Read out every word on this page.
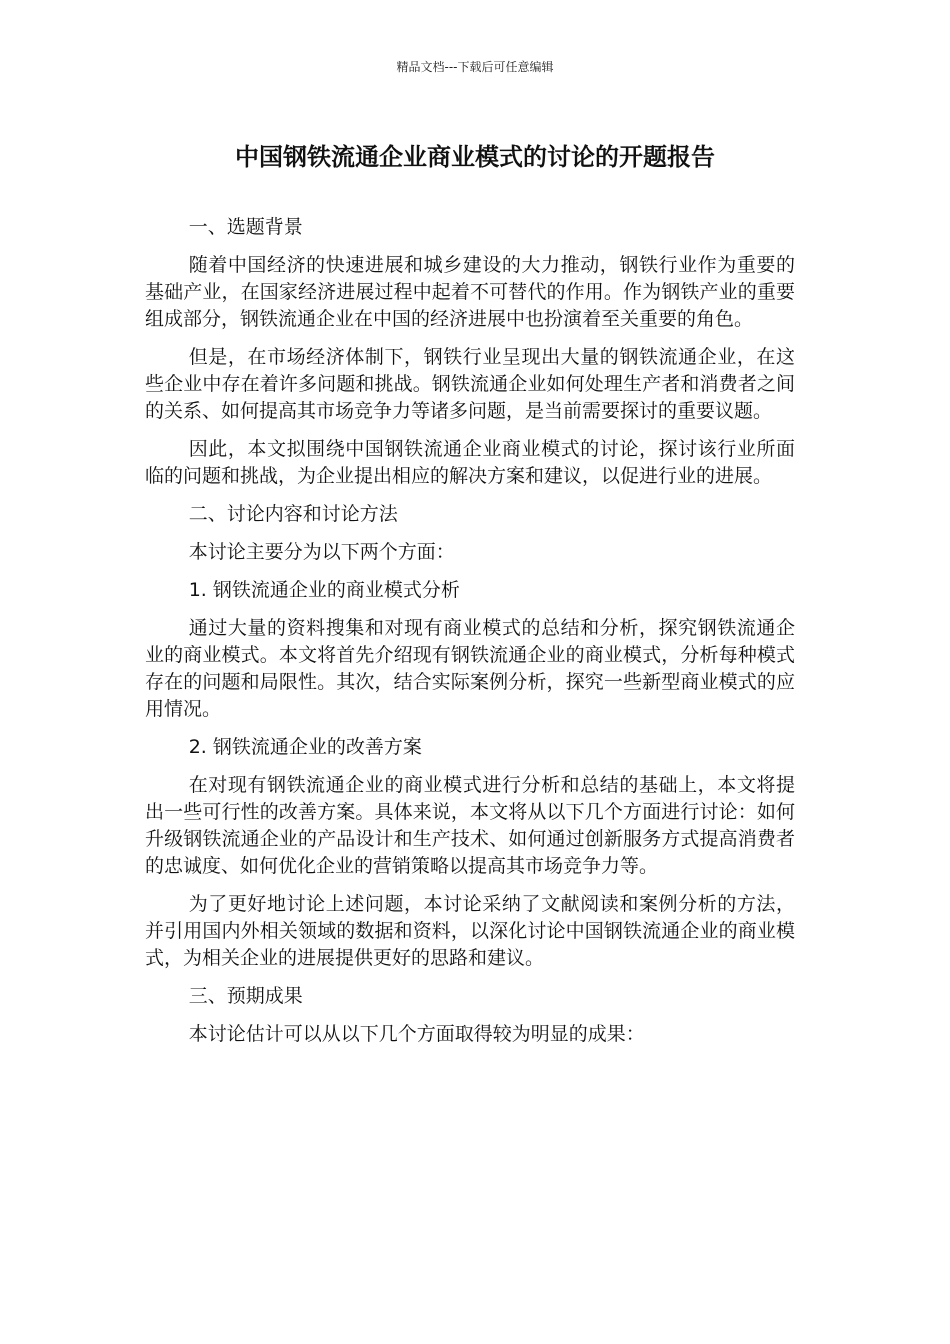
精品文档---下载后可任意编辑
中国钢铁流通企业商业模式的讨论的开题报告

一、选题背景

随着中国经济的快速进展和城乡建设的大力推动，钢铁行业作为重要的基础产业，在国家经济进展过程中起着不可替代的作用。作为钢铁产业的重要组成部分，钢铁流通企业在中国的经济进展中也扮演着至关重要的角色。

但是，在市场经济体制下，钢铁行业呈现出大量的钢铁流通企业，在这些企业中存在着许多问题和挑战。钢铁流通企业如何处理生产者和消费者之间的关系、如何提高其市场竞争力等诸多问题，是当前需要探讨的重要议题。

因此，本文拟围绕中国钢铁流通企业商业模式的讨论，探讨该行业所面临的问题和挑战，为企业提出相应的解决方案和建议，以促进行业的进展。

二、讨论内容和讨论方法

本讨论主要分为以下两个方面：

1. 钢铁流通企业的商业模式分析

通过大量的资料搜集和对现有商业模式的总结和分析，探究钢铁流通企业的商业模式。本文将首先介绍现有钢铁流通企业的商业模式，分析每种模式存在的问题和局限性。其次，结合实际案例分析，探究一些新型商业模式的应用情况。

2. 钢铁流通企业的改善方案

在对现有钢铁流通企业的商业模式进行分析和总结的基础上，本文将提出一些可行性的改善方案。具体来说，本文将从以下几个方面进行讨论：如何升级钢铁流通企业的产品设计和生产技术、如何通过创新服务方式提高消费者的忠诚度、如何优化企业的营销策略以提高其市场竞争力等。

为了更好地讨论上述问题，本讨论采纳了文献阅读和案例分析的方法，并引用国内外相关领域的数据和资料，以深化讨论中国钢铁流通企业的商业模式，为相关企业的进展提供更好的思路和建议。

三、预期成果

本讨论估计可以从以下几个方面取得较为明显的成果：
